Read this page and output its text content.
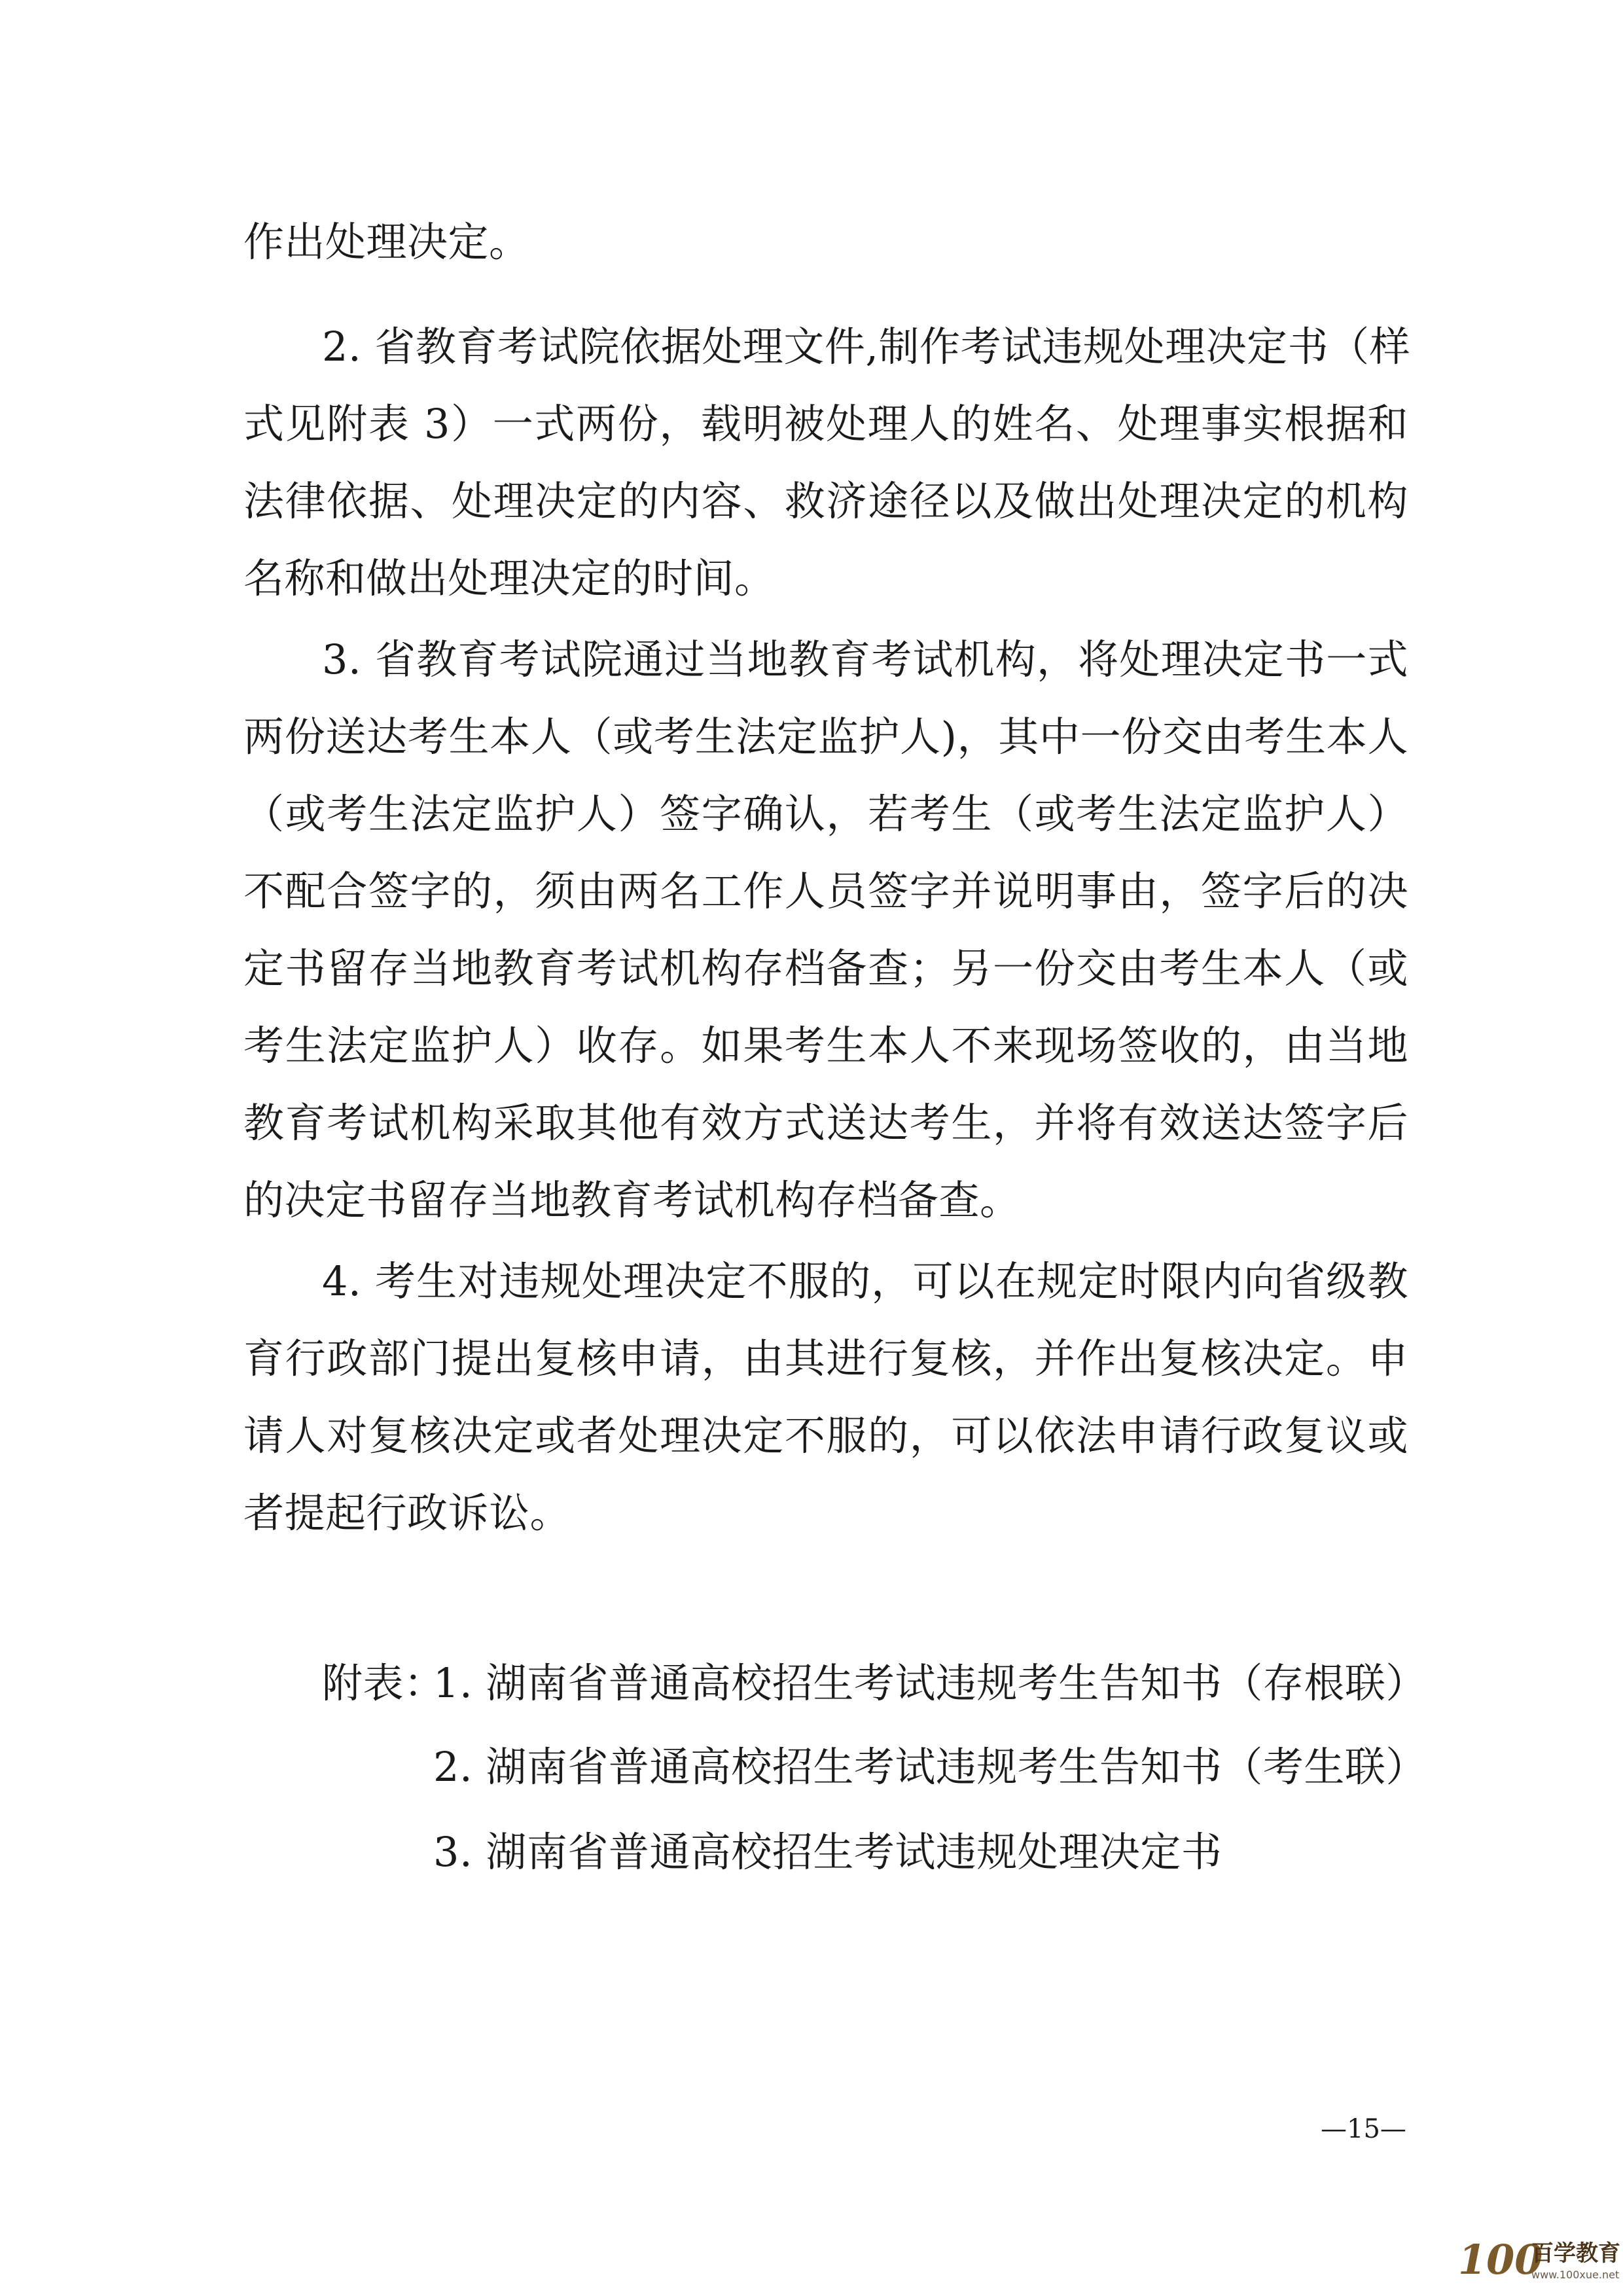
作出处理决定。
2. 省教育考试院依据处理文件,制作考试违规处理决定书（样
式见附表 3）一式两份，载明被处理人的姓名、处理事实根据和
法律依据、处理决定的内容、救济途径以及做出处理决定的机构
名称和做出处理决定的时间。
3. 省教育考试院通过当地教育考试机构，将处理决定书一式
两份送达考生本人（或考生法定监护人)，其中一份交由考生本人
（或考生法定监护人）签字确认，若考生（或考生法定监护人）
不配合签字的，须由两名工作人员签字并说明事由，签字后的决
定书留存当地教育考试机构存档备查；另一份交由考生本人（或
考生法定监护人）收存。如果考生本人不来现场签收的，由当地
教育考试机构采取其他有效方式送达考生，并将有效送达签字后
的决定书留存当地教育考试机构存档备查。
4. 考生对违规处理决定不服的，可以在规定时限内向省级教
育行政部门提出复核申请，由其进行复核，并作出复核决定。申
请人对复核决定或者处理决定不服的，可以依法申请行政复议或
者提起行政诉讼。
附表：
1. 湖南省普通高校招生考试违规考生告知书（存根联）
2. 湖南省普通高校招生考试违规考生告知书（考生联）
3. 湖南省普通高校招生考试违规处理决定书
—15—
100
百学教育
www.100xue.net
